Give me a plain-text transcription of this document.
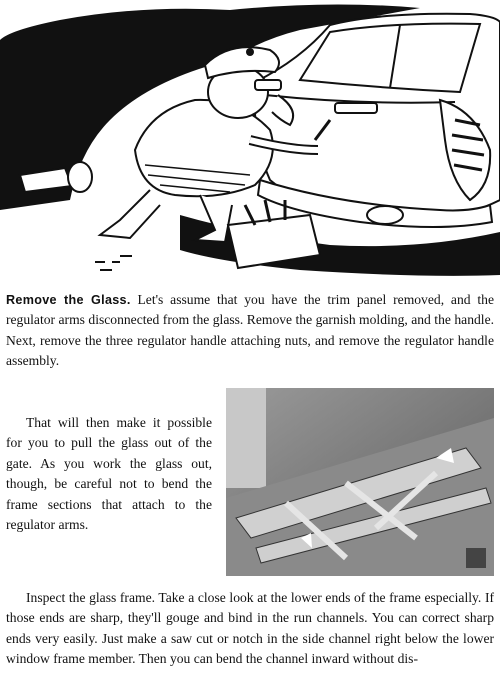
Remove the Glass. Let's assume that you have the trim panel removed, and the regulator arms disconnected from the glass. Remove the garnish molding, and the handle. Next, remove the three regulator handle attaching nuts, and remove the regulator handle assembly.

That will then make it possible for you to pull the glass out of the gate. As you work the glass out, though, be careful not to bend the frame sections that attach to the regulator arms.

Inspect the glass frame. Take a close look at the lower ends of the frame especially. If those ends are sharp, they'll gouge and bind in the run channels. You can correct sharp ends very easily. Just make a saw cut or notch in the side channel right below the lower window frame member. Then you can bend the channel inward without dis-
